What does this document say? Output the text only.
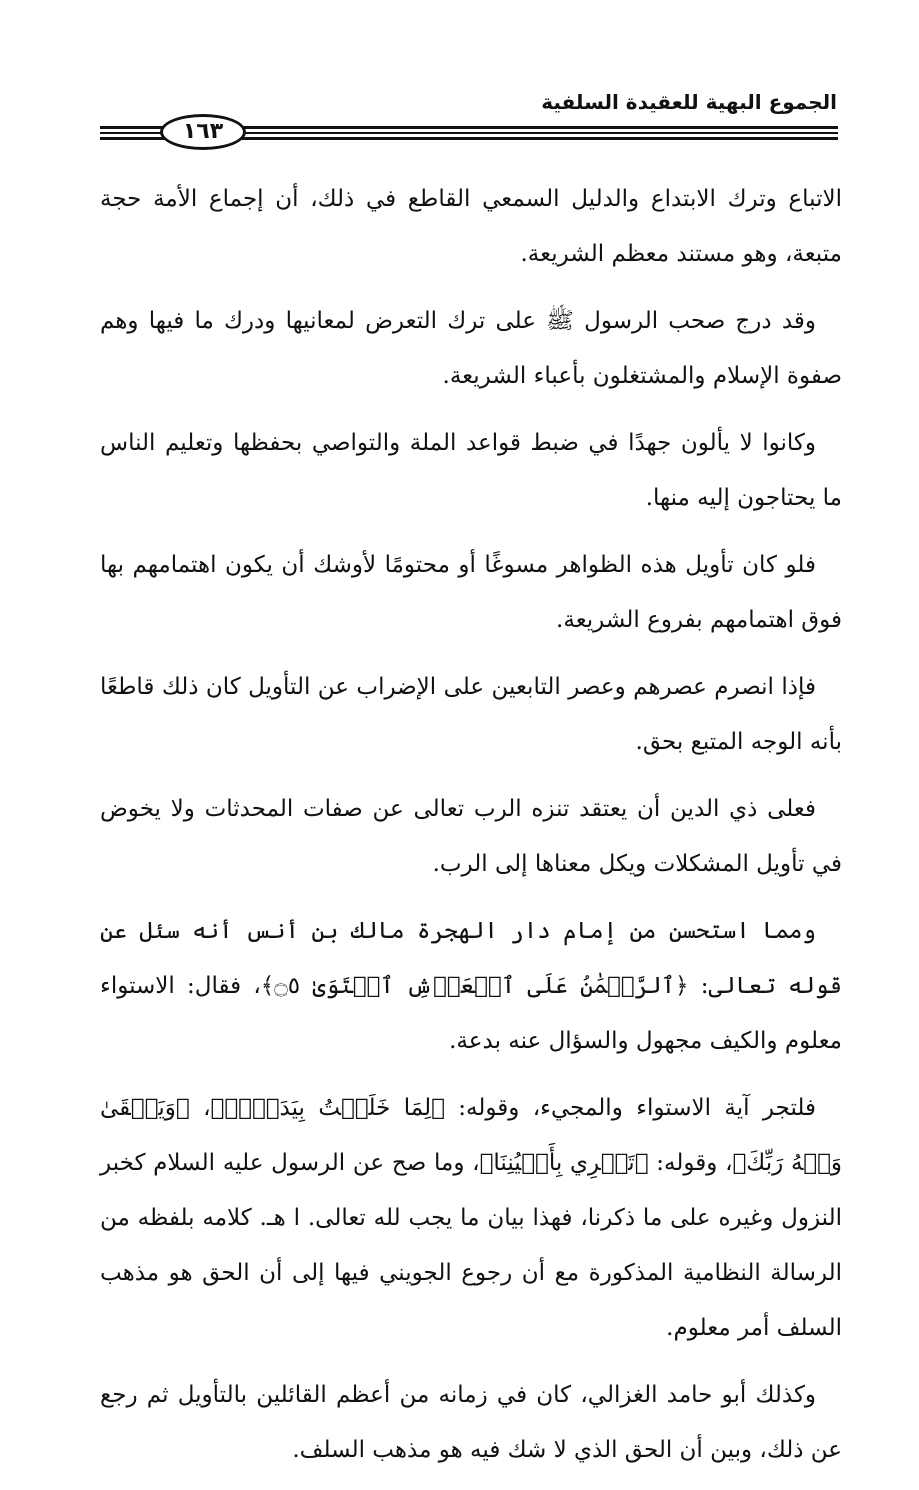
الجموع البهية للعقيدة السلفية
١٦٣

الاتباع وترك الابتداع والدليل السمعي القاطع في ذلك، أن إجماع الأمة حجة متبعة، وهو مستند معظم الشريعة.

وقد درج صحب الرسول ﷺ على ترك التعرض لمعانيها ودرك ما فيها وهم صفوة الإسلام والمشتغلون بأعباء الشريعة.

وكانوا لا يألون جهدًا في ضبط قواعد الملة والتواصي بحفظها وتعليم الناس ما يحتاجون إليه منها.

فلو كان تأويل هذه الظواهر مسوغًا أو محتومًا لأوشك أن يكون اهتمامهم بها فوق اهتمامهم بفروع الشريعة.

فإذا انصرم عصرهم وعصر التابعين على الإضراب عن التأويل كان ذلك قاطعًا بأنه الوجه المتبع بحق.

فعلى ذي الدين أن يعتقد تنزه الرب تعالى عن صفات المحدثات ولا يخوض في تأويل المشكلات ويكل معناها إلى الرب.

ومما استحسن من إمام دار الهجرة مالك بن أنس أنه سئل عن قوله تعالى: ﴿ٱلرَّحۡمَٰنُ عَلَى ٱلۡعَرۡشِ ٱسۡتَوَىٰ ۝٥﴾، فقال: الاستواء معلوم والكيف مجهول والسؤال عنه بدعة.

فلتجر آية الاستواء والمجيء، وقوله: ﴿لِمَا خَلَقۡتُ بِيَدَيَّۖ﴾، ﴿وَيَبۡقَىٰ وَجۡهُ رَبِّكَ﴾، وقوله: ﴿تَجۡرِي بِأَعۡيُنِنَا﴾، وما صح عن الرسول عليه السلام كخبر النزول وغيره على ما ذكرنا، فهذا بيان ما يجب لله تعالى. ا هـ. كلامه بلفظه من الرسالة النظامية المذكورة مع أن رجوع الجويني فيها إلى أن الحق هو مذهب السلف أمر معلوم.

وكذلك أبو حامد الغزالي، كان في زمانه من أعظم القائلين بالتأويل ثم رجع عن ذلك، وبين أن الحق الذي لا شك فيه هو مذهب السلف.
